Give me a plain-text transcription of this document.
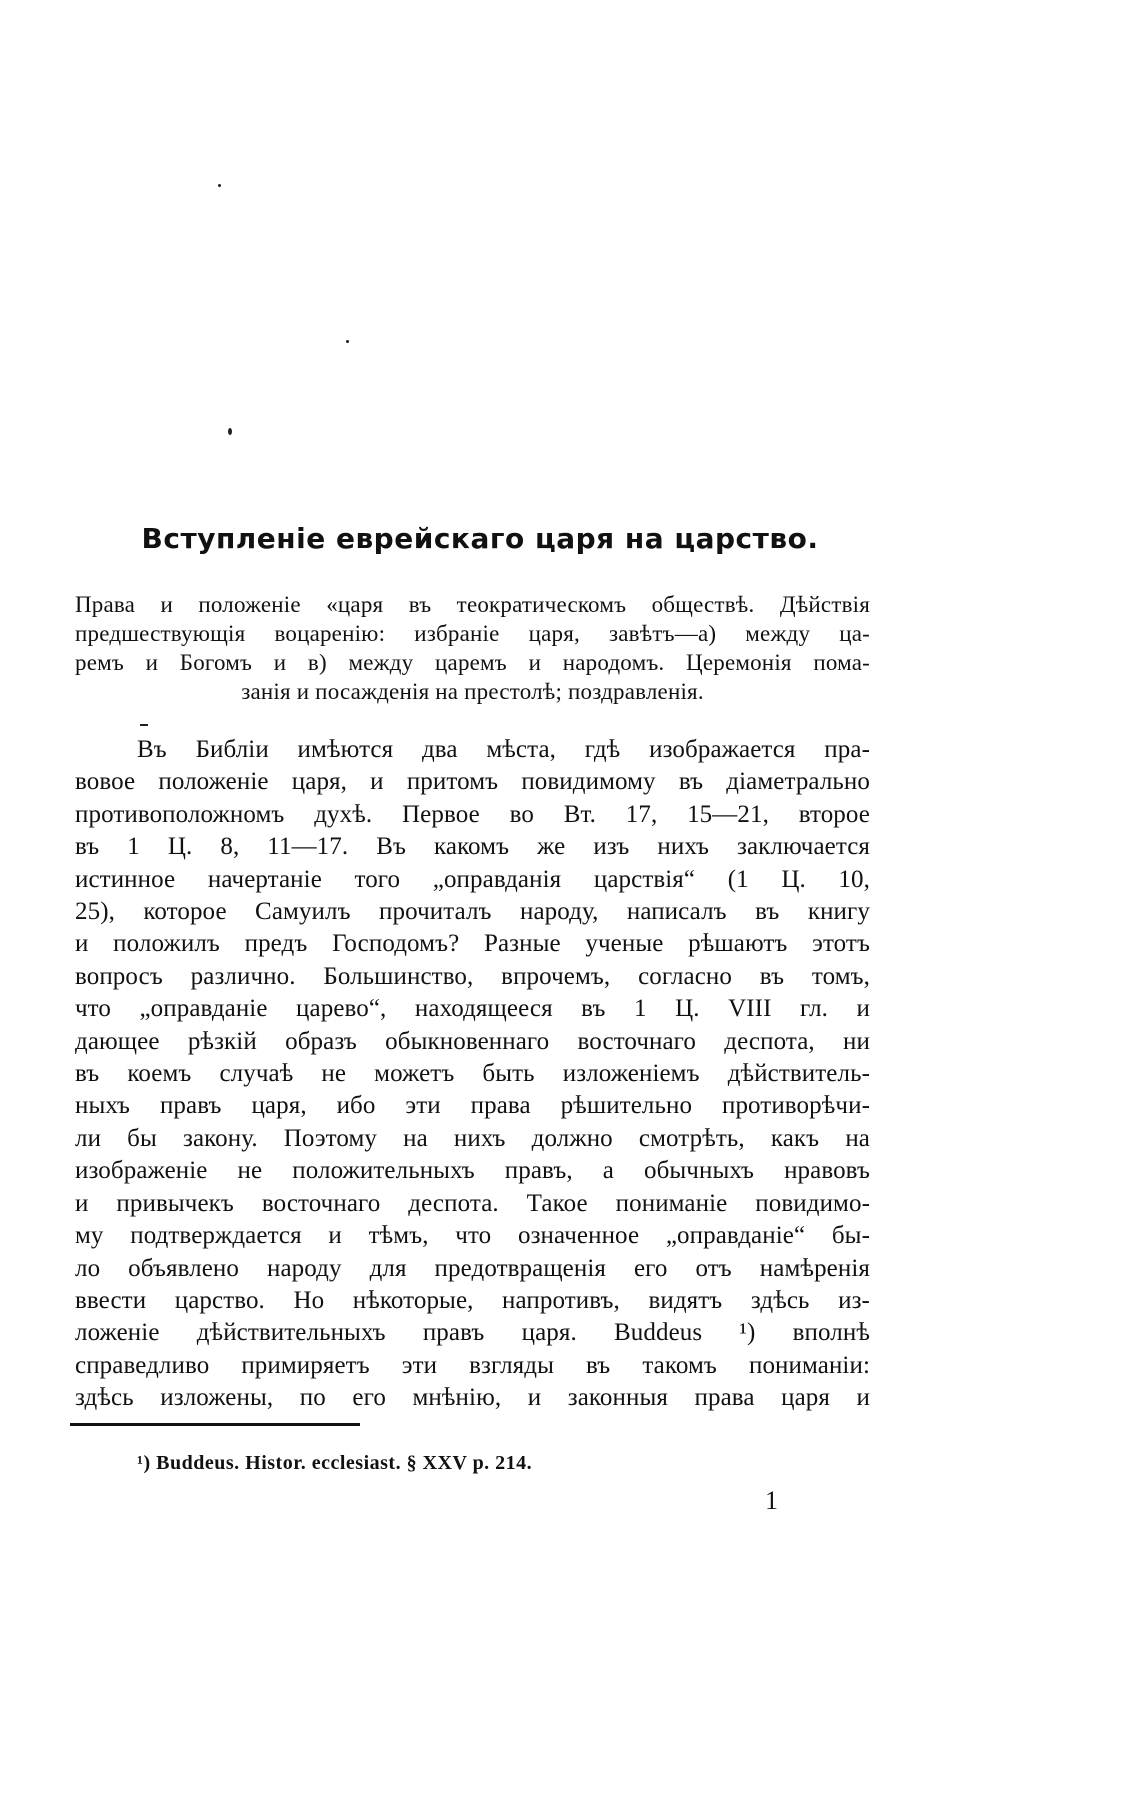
Вступленіе еврейскаго царя на царство.
Права и положеніе «царя въ теократическомъ обществѣ. Дѣйствія
предшествующія воцаренію: избраніе царя, завѣтъ—а) между ца-
ремъ и Богомъ и в) между царемъ и народомъ. Церемонія пома-
занія и посажденія на престолѣ; поздравленія.
Въ Библіи имѣются два мѣста, гдѣ изображается пра-
вовое положеніе царя, и притомъ повидимому въ діаметрально
противоположномъ духѣ. Первое во Вт. 17, 15—21, второе
въ 1 Ц. 8, 11—17. Въ какомъ же изъ нихъ заключается
истинное начертаніе того „оправданія царствія“ (1 Ц. 10,
25), которое Самуилъ прочиталъ народу, написалъ въ книгу
и положилъ предъ Господомъ? Разные ученые рѣшаютъ этотъ
вопросъ различно. Большинство, впрочемъ, согласно въ томъ,
что „оправданіе царево“, находящееся въ 1 Ц. VIII гл. и
дающее рѣзкій образъ обыкновеннаго восточнаго деспота, ни
въ коемъ случаѣ не можетъ быть изложеніемъ дѣйствитель-
ныхъ правъ царя, ибо эти права рѣшительно противорѣчи-
ли бы закону. Поэтому на нихъ должно смотрѣть, какъ на
изображеніе не положительныхъ правъ, а обычныхъ нравовъ
и привычекъ восточнаго деспота. Такое пониманіе повидимо-
му подтверждается и тѣмъ, что означенное „оправданіе“ бы-
ло объявлено народу для предотвращенія его отъ намѣренія
ввести царство. Но нѣкоторые, напротивъ, видятъ здѣсь из-
ложеніе дѣйствительныхъ правъ царя. Buddeus ¹) вполнѣ
справедливо примиряетъ эти взгляды въ такомъ пониманіи:
здѣсь изложены, по его мнѣнію, и законныя права царя и
¹) Buddeus. Histor. ecclesiast. § XXV p. 214.
1
